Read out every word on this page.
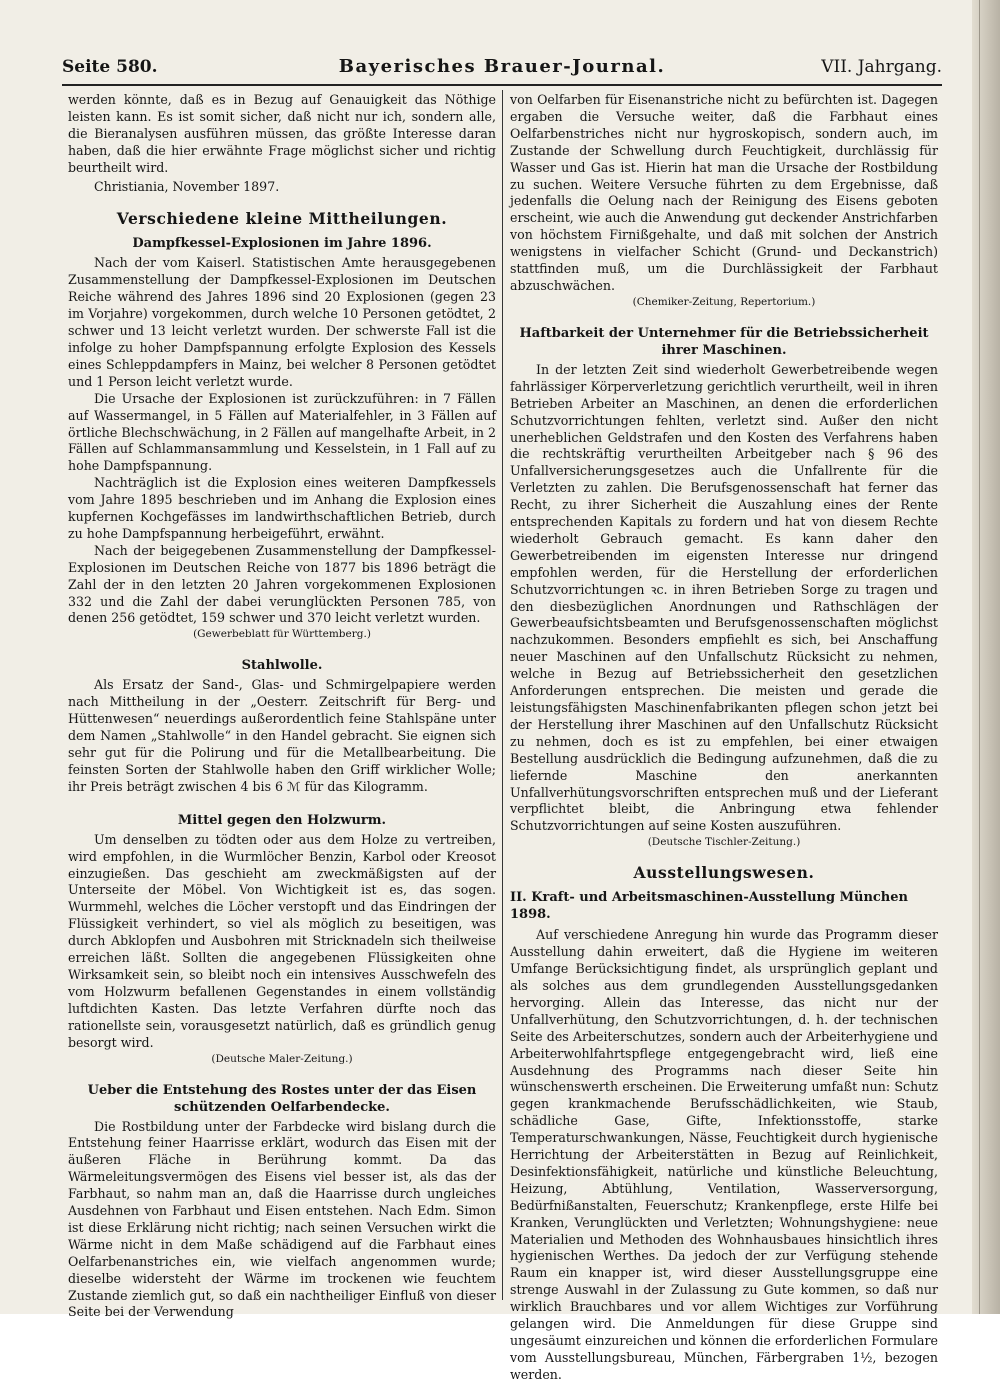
Seite 580.	Bayerisches Brauer-Journal.	VII. Jahrgang.

werden könnte, daß es in Bezug auf Genauigkeit das Nöthige leisten kann. Es ist somit sicher, daß nicht nur ich, sondern alle, die Bieranalysen ausführen müssen, das größte Interesse daran haben, daß die hier erwähnte Frage möglichst sicher und richtig beurtheilt wird.

Christiania, November 1897.

Verschiedene kleine Mittheilungen.
Dampfkessel-Explosionen im Jahre 1896.

Nach der vom Kaiserl. Statistischen Amte herausgegebenen Zusammenstellung der Dampfkessel-Explosionen im Deutschen Reiche während des Jahres 1896 sind 20 Explosionen (gegen 23 im Vorjahre) vorgekommen, durch welche 10 Personen getödtet, 2 schwer und 13 leicht verletzt wurden. Der schwerste Fall ist die infolge zu hoher Dampfspannung erfolgte Explosion des Kessels eines Schleppdampfers in Mainz, bei welcher 8 Personen getödtet und 1 Person leicht verletzt wurde.

Die Ursache der Explosionen ist zurückzuführen: in 7 Fällen auf Wassermangel, in 5 Fällen auf Materialfehler, in 3 Fällen auf örtliche Blechschwächung, in 2 Fällen auf mangelhafte Arbeit, in 2 Fällen auf Schlammansammlung und Kesselstein, in 1 Fall auf zu hohe Dampfspannung.

Nachträglich ist die Explosion eines weiteren Dampfkessels vom Jahre 1895 beschrieben und im Anhang die Explosion eines kupfernen Kochgefässes im landwirthschaftlichen Betrieb, durch zu hohe Dampfspannung herbeigeführt, erwähnt.

Nach der beigegebenen Zusammenstellung der Dampfkessel-Explosionen im Deutschen Reiche von 1877 bis 1896 beträgt die Zahl der in den letzten 20 Jahren vorgekommenen Explosionen 332 und die Zahl der dabei verunglückten Personen 785, von denen 256 getödtet, 159 schwer und 370 leicht verletzt wurden.

(Gewerbeblatt für Württemberg.)
Stahlwolle.

Als Ersatz der Sand-, Glas- und Schmirgelpapiere werden nach Mittheilung in der „Oesterr. Zeitschrift für Berg- und Hüttenwesen“ neuerdings außerordentlich feine Stahlspäne unter dem Namen „Stahlwolle“ in den Handel gebracht. Sie eignen sich sehr gut für die Polirung und für die Metallbearbeitung. Die feinsten Sorten der Stahlwolle haben den Griff wirklicher Wolle; ihr Preis beträgt zwischen 4 bis 6 ℳ für das Kilogramm.

Mittel gegen den Holzwurm.

Um denselben zu tödten oder aus dem Holze zu vertreiben, wird empfohlen, in die Wurmlöcher Benzin, Karbol oder Kreosot einzugießen. Das geschieht am zweckmäßigsten auf der Unterseite der Möbel. Von Wichtigkeit ist es, das sogen. Wurmmehl, welches die Löcher verstopft und das Eindringen der Flüssigkeit verhindert, so viel als möglich zu beseitigen, was durch Abklopfen und Ausbohren mit Stricknadeln sich theilweise erreichen läßt. Sollten die angegebenen Flüssigkeiten ohne Wirksamkeit sein, so bleibt noch ein intensives Ausschwefeln des vom Holzwurm befallenen Gegenstandes in einem vollständig luftdichten Kasten. Das letzte Verfahren dürfte noch das rationellste sein, vorausgesetzt natürlich, daß es gründlich genug besorgt wird.

(Deutsche Maler-Zeitung.)
Ueber die Entstehung des Rostes unter der das Eisen schützenden Oelfarbendecke.

Die Rostbildung unter der Farbdecke wird bislang durch die Entstehung feiner Haarrisse erklärt, wodurch das Eisen mit der äußeren Fläche in Berührung kommt. Da das Wärmeleitungsvermögen des Eisens viel besser ist, als das der Farbhaut, so nahm man an, daß die Haarrisse durch ungleiches Ausdehnen von Farbhaut und Eisen entstehen. Nach Edm. Simon ist diese Erklärung nicht richtig; nach seinen Versuchen wirkt die Wärme nicht in dem Maße schädigend auf die Farbhaut eines Oelfarbenanstriches ein, wie vielfach angenommen wurde; dieselbe widersteht der Wärme im trockenen wie feuchtem Zustande ziemlich gut, so daß ein nachtheiliger Einfluß von dieser Seite bei der Verwendung

von Oelfarben für Eisenanstriche nicht zu befürchten ist. Dagegen ergaben die Versuche weiter, daß die Farbhaut eines Oelfarbenstriches nicht nur hygroskopisch, sondern auch, im Zustande der Schwellung durch Feuchtigkeit, durchlässig für Wasser und Gas ist. Hierin hat man die Ursache der Rostbildung zu suchen. Weitere Versuche führten zu dem Ergebnisse, daß jedenfalls die Oelung nach der Reinigung des Eisens geboten erscheint, wie auch die Anwendung gut deckender Anstrichfarben von höchstem Firnißgehalte, und daß mit solchen der Anstrich wenigstens in vielfacher Schicht (Grund- und Deckanstrich) stattfinden muß, um die Durchlässigkeit der Farbhaut abzuschwächen.

(Chemiker-Zeitung, Repertorium.)
Haftbarkeit der Unternehmer für die Betriebssicherheit ihrer Maschinen.

In der letzten Zeit sind wiederholt Gewerbetreibende wegen fahrlässiger Körperverletzung gerichtlich verurtheilt, weil in ihren Betrieben Arbeiter an Maschinen, an denen die erforderlichen Schutzvorrichtungen fehlten, verletzt sind. Außer den nicht unerheblichen Geldstrafen und den Kosten des Verfahrens haben die rechtskräftig verurtheilten Arbeitgeber nach § 96 des Unfallversicherungsgesetzes auch die Unfallrente für die Verletzten zu zahlen. Die Berufsgenossenschaft hat ferner das Recht, zu ihrer Sicherheit die Auszahlung eines der Rente entsprechenden Kapitals zu fordern und hat von diesem Rechte wiederholt Gebrauch gemacht. Es kann daher den Gewerbetreibenden im eigensten Interesse nur dringend empfohlen werden, für die Herstellung der erforderlichen Schutzvorrichtungen ꝛc. in ihren Betrieben Sorge zu tragen und den diesbezüglichen Anordnungen und Rathschlägen der Gewerbeaufsichtsbeamten und Berufsgenossenschaften möglichst nachzukommen. Besonders empfiehlt es sich, bei Anschaffung neuer Maschinen auf den Unfallschutz Rücksicht zu nehmen, welche in Bezug auf Betriebssicherheit den gesetzlichen Anforderungen entsprechen. Die meisten und gerade die leistungsfähigsten Maschinenfabrikanten pflegen schon jetzt bei der Herstellung ihrer Maschinen auf den Unfallschutz Rücksicht zu nehmen, doch es ist zu empfehlen, bei einer etwaigen Bestellung ausdrücklich die Bedingung aufzunehmen, daß die zu liefernde Maschine den anerkannten Unfallverhütungsvorschriften entsprechen muß und der Lieferant verpflichtet bleibt, die Anbringung etwa fehlender Schutzvorrichtungen auf seine Kosten auszuführen.

(Deutsche Tischler-Zeitung.)
Ausstellungswesen.
II. Kraft- und Arbeitsmaschinen-Ausstellung München 1898.

Auf verschiedene Anregung hin wurde das Programm dieser Ausstellung dahin erweitert, daß die Hygiene im weiteren Umfange Berücksichtigung findet, als ursprünglich geplant und als solches aus dem grundlegenden Ausstellungsgedanken hervorging. Allein das Interesse, das nicht nur der Unfallverhütung, den Schutzvorrichtungen, d. h. der technischen Seite des Arbeiterschutzes, sondern auch der Arbeiterhygiene und Arbeiterwohlfahrtspflege entgegengebracht wird, ließ eine Ausdehnung des Programms nach dieser Seite hin wünschenswerth erscheinen. Die Erweiterung umfaßt nun: Schutz gegen krankmachende Berufsschädlichkeiten, wie Staub, schädliche Gase, Gifte, Infektionsstoffe, starke Temperaturschwankungen, Nässe, Feuchtigkeit durch hygienische Herrichtung der Arbeiterstätten in Bezug auf Reinlichkeit, Desinfektionsfähigkeit, natürliche und künstliche Beleuchtung, Heizung, Abtühlung, Ventilation, Wasserversorgung, Bedürfnißanstalten, Feuerschutz; Krankenpflege, erste Hilfe bei Kranken, Verunglückten und Verletzten; Wohnungshygiene: neue Materialien und Methoden des Wohnhausbaues hinsichtlich ihres hygienischen Werthes. Da jedoch der zur Verfügung stehende Raum ein knapper ist, wird dieser Ausstellungsgruppe eine strenge Auswahl in der Zulassung zu Gute kommen, so daß nur wirklich Brauchbares und vor allem Wichtiges zur Vorführung gelangen wird. Die Anmeldungen für diese Gruppe sind ungesäumt einzureichen und können die erforderlichen Formulare vom Ausstellungsbureau, München, Färbergraben 1½, bezogen werden.
